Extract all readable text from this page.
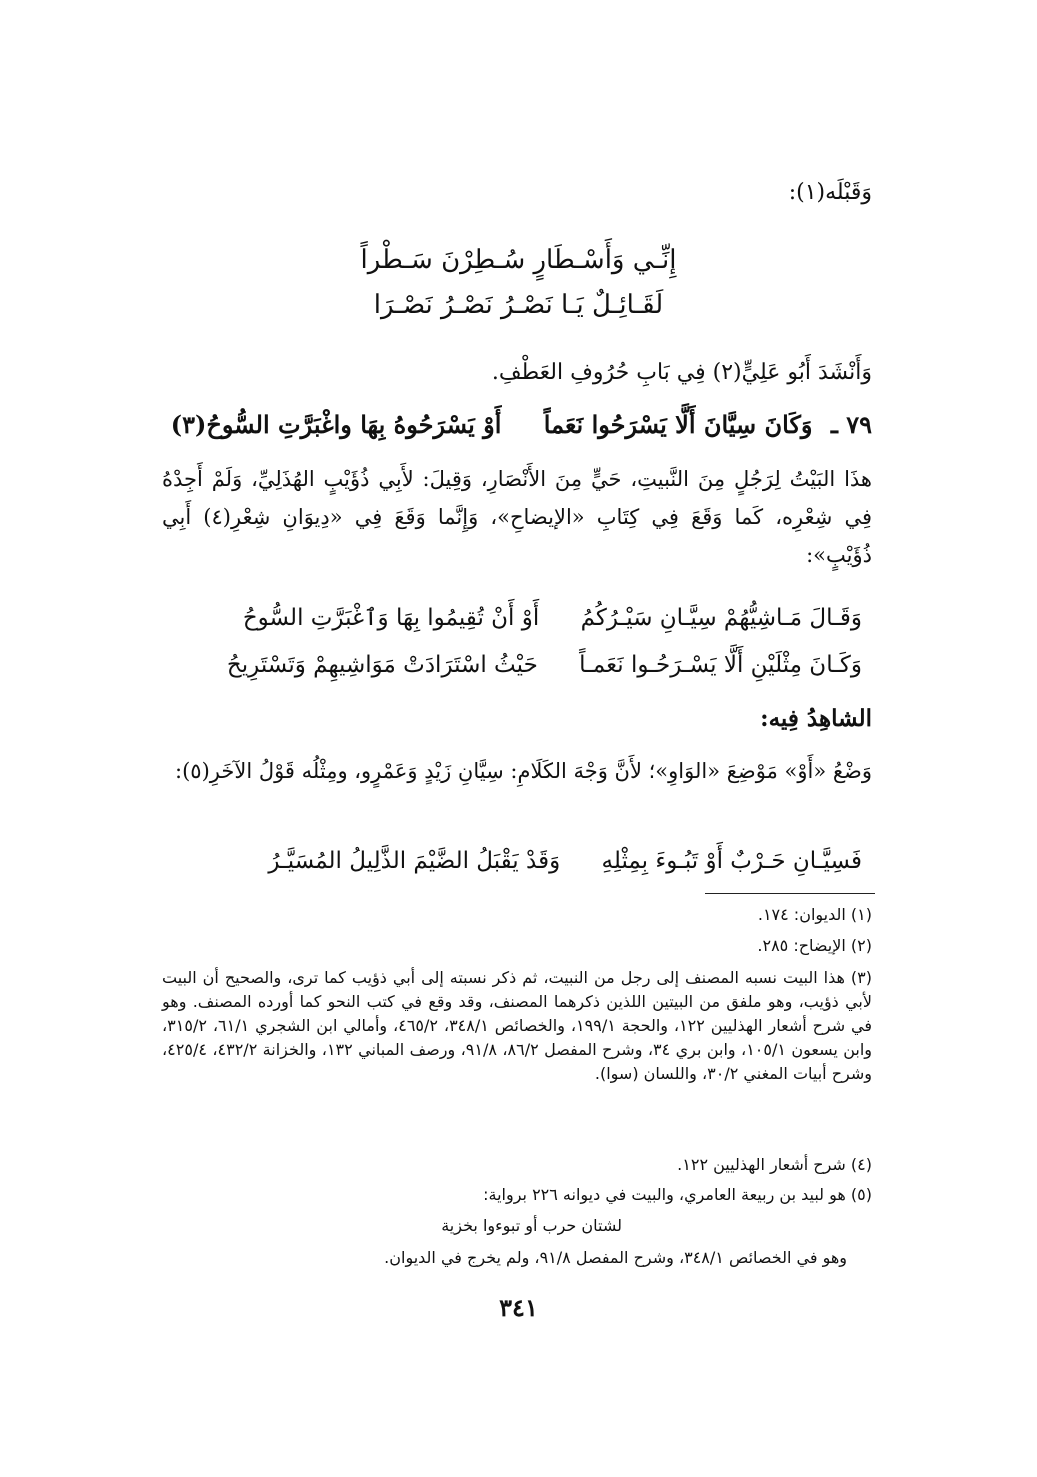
وَقَبْلَه(١):
إِنِّـي وَأَسْـطَارٍ سُـطِرْنَ سَـطْراً
لَقَـائِـلٌ يَـا نَصْـرُ نَصْـرُ نَصْـرَا
وَأَنْشَدَ أَبُو عَلِيٍّ(٢) فِي بَابِ حُرُوفِ العَطْفِ.
٧٩ ـ وَكَانَ سِيَّانَ أَلَّا يَسْرَحُوا نَعَماً أَوْ يَسْرَحُوهُ بِهَا واغْبَرَّتِ السُّوحُ(٣)
هذَا البَيْتُ لِرَجُلٍ مِنَ النَّبيتِ، حَيٍّ مِنَ الأَنْصَارِ، وَقِيلَ: لأَبِي ذُؤَيْبٍ الهُذَلِيِّ، وَلَمْ أَجِدْهُ فِي شِعْرِه، كَما وَقَعَ فِي كِتَابِ «الإيضاحِ»، وَإِنَّما وَقَعَ فِي «دِيوَانِ شِعْرِ(٤) أَبِي ذُؤَيْبٍ»:
وَقَـالَ مَـاشِيُّهُمْ سِيَّـانِ سَيْـرُكُمُ أَوْ أَنْ تُقِيمُوا بِهَا وَٱغْبَرَّتِ السُّوحُ
وَكَـانَ مِثْلَيْنِ أَلَّا يَسْـرَحُـوا نَعَمـاً حَيْثُ اسْتَرَادَتْ مَوَاشِيهِمْ وَتَسْتَرِيحُ
الشاهِدُ فِيه:
وَضْعُ «أَوْ» مَوْضِعَ «الوَاوِ»؛ لأَنَّ وَجْهَ الكَلَامِ: سِيَّانِ زَيْدٍ وَعَمْرٍو، ومِثْلُه قَوْلُ الآخَرِ(٥):
فَسِيَّـانِ حَـرْبٌ أَوْ تَبُـوءَ بِمِثْلِهِ وَقَدْ يَقْبَلُ الضَّيْمَ الذَّلِيلُ المُسَيَّـرُ
(١) الديوان: ١٧٤.
(٢) الإيضاح: ٢٨٥.
(٣) هذا البيت نسبه المصنف إلى رجل من النبيت، ثم ذكر نسبته إلى أبي ذؤيب كما ترى، والصحيح أن البيت لأبي ذؤيب، وهو ملفق من البيتين اللذين ذكرهما المصنف، وقد وقع في كتب النحو كما أورده المصنف. وهو في شرح أشعار الهذليين ١٢٢، والحجة ١٩٩/١، والخصائص ٣٤٨/١، ٤٦٥/٢، وأمالي ابن الشجري ٦١/١، ٣١٥/٢، وابن يسعون ١٠٥/١، وابن بري ٣٤، وشرح المفصل ٨٦/٢، ٩١/٨، ورصف المباني ١٣٢، والخزانة ٤٣٢/٢، ٤٢٥/٤، وشرح أبيات المغني ٣٠/٢، واللسان (سوا).
(٤) شرح أشعار الهذليين ١٢٢.
(٥) هو لبيد بن ربيعة العامري، والبيت في ديوانه ٢٢٦ برواية:
لشتان حرب أو تبوءوا بخزية
وهو في الخصائص ٣٤٨/١، وشرح المفصل ٩١/٨، ولم يخرج في الديوان.
٣٤١
